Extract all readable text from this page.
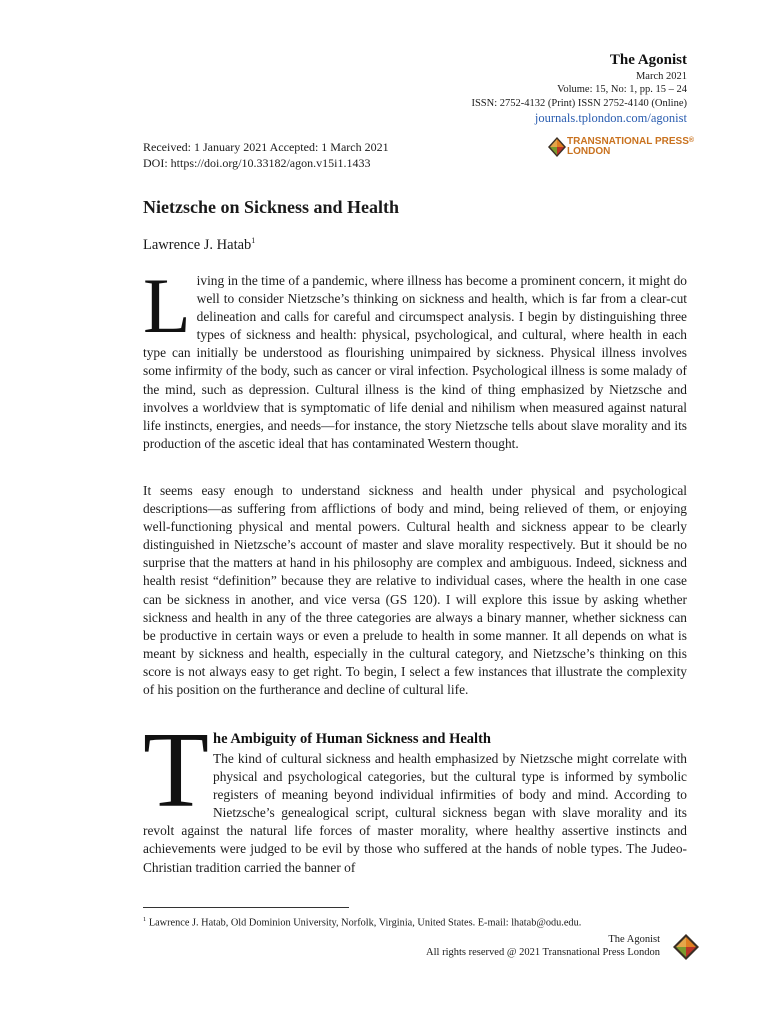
The Agonist
March 2021
Volume: 15, No: 1, pp. 15 – 24
ISSN: 2752-4132 (Print) ISSN 2752-4140 (Online)
journals.tplondon.com/agonist
TRANSNATIONAL PRESS®
LONDON
Received: 1 January 2021 Accepted: 1 March 2021
DOI: https://doi.org/10.33182/agon.v15i1.1433
Nietzsche on Sickness and Health
Lawrence J. Hatab$^1$
Living in the time of a pandemic, where illness has become a prominent concern, it might do well to consider Nietzsche’s thinking on sickness and health, which is far from a clear-cut delineation and calls for careful and circumspect analysis. I begin by distinguishing three types of sickness and health: physical, psychological, and cultural, where health in each type can initially be understood as flourishing unimpaired by sickness. Physical illness involves some infirmity of the body, such as cancer or viral infection. Psychological illness is some malady of the mind, such as depression. Cultural illness is the kind of thing emphasized by Nietzsche and involves a worldview that is symptomatic of life denial and nihilism when measured against natural life instincts, energies, and needs—for instance, the story Nietzsche tells about slave morality and its production of the ascetic ideal that has contaminated Western thought.
It seems easy enough to understand sickness and health under physical and psychological descriptions—as suffering from afflictions of body and mind, being relieved of them, or enjoying well-functioning physical and mental powers. Cultural health and sickness appear to be clearly distinguished in Nietzsche’s account of master and slave morality respectively. But it should be no surprise that the matters at hand in his philosophy are complex and ambiguous. Indeed, sickness and health resist “definition” because they are relative to individual cases, where the health in one case can be sickness in another, and vice versa (GS 120). I will explore this issue by asking whether sickness and health in any of the three categories are always a binary manner, whether sickness can be productive in certain ways or even a prelude to health in some manner. It all depends on what is meant by sickness and health, especially in the cultural category, and Nietzsche’s thinking on this score is not always easy to get right. To begin, I select a few instances that illustrate the complexity of his position on the furtherance and decline of cultural life.
T he Ambiguity of Human Sickness and Health
The kind of cultural sickness and health emphasized by Nietzsche might correlate with physical and psychological categories, but the cultural type is informed by symbolic registers of meaning beyond individual infirmities of body and mind. According to Nietzsche’s genealogical script, cultural sickness began with slave morality and its revolt against the natural life forces of master morality, where healthy assertive instincts and achievements were judged to be evil by those who suffered at the hands of noble types. The Judeo-Christian tradition carried the banner of
$^1$ Lawrence J. Hatab, Old Dominion University, Norfolk, Virginia, United States. E-mail: lhatab@odu.edu.
The Agonist
All rights reserved @ 2021 Transnational Press London
